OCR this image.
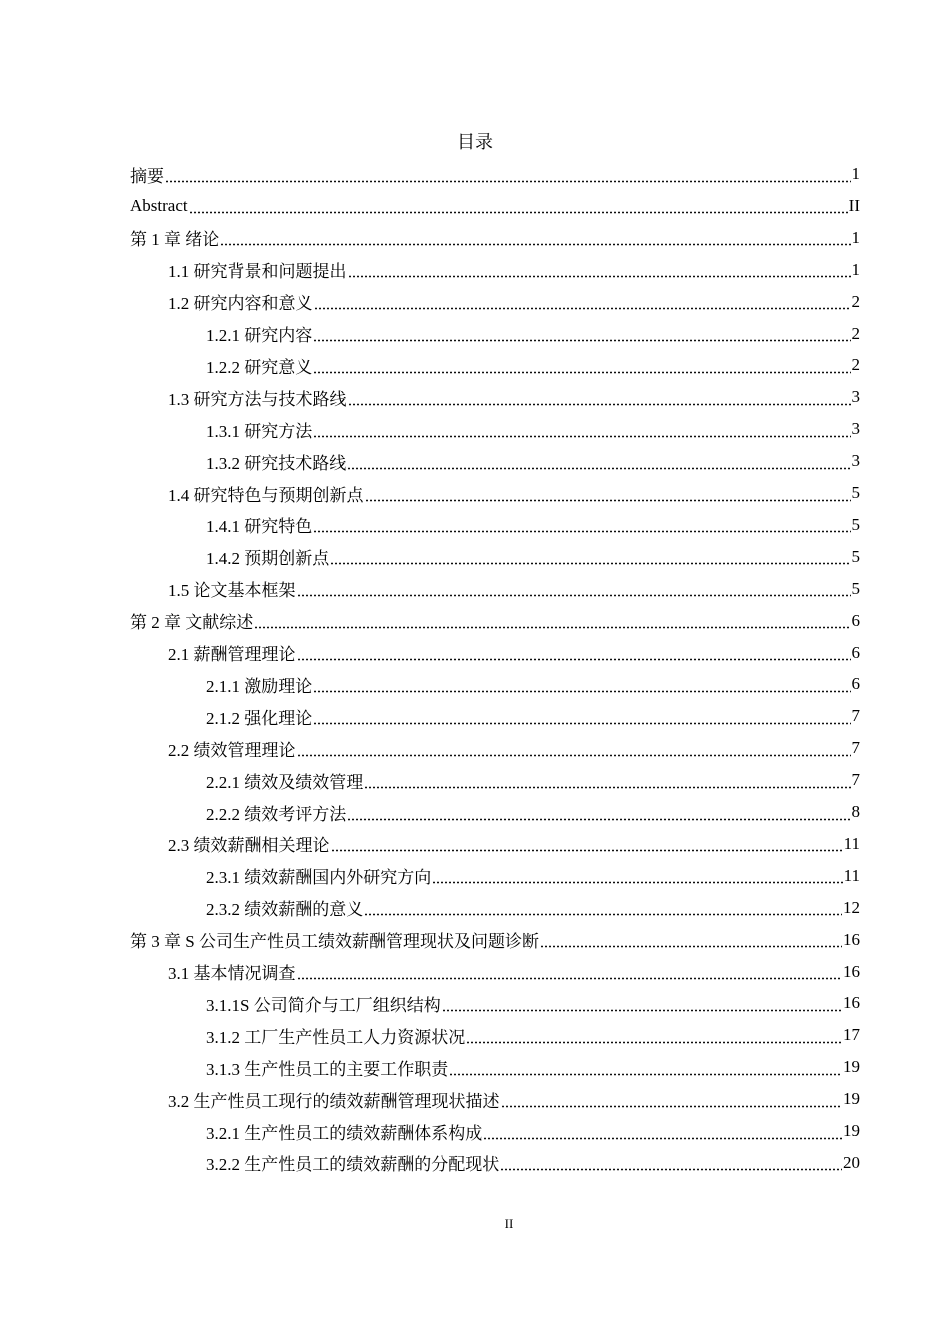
目录
摘要	1
Abstract	II
第 1 章 绪论	1
1.1 研究背景和问题提出	1
1.2 研究内容和意义	2
1.2.1 研究内容	2
1.2.2 研究意义	2
1.3 研究方法与技术路线	3
1.3.1 研究方法	3
1.3.2 研究技术路线	3
1.4 研究特色与预期创新点	5
1.4.1 研究特色	5
1.4.2 预期创新点	5
1.5 论文基本框架	5
第 2 章 文献综述	6
2.1 薪酬管理理论	6
2.1.1 激励理论	6
2.1.2 强化理论	7
2.2 绩效管理理论	7
2.2.1 绩效及绩效管理	7
2.2.2 绩效考评方法	8
2.3 绩效薪酬相关理论	11
2.3.1 绩效薪酬国内外研究方向	11
2.3.2 绩效薪酬的意义	12
第 3 章 S 公司生产性员工绩效薪酬管理现状及问题诊断	16
3.1 基本情况调查	16
3.1.1S 公司简介与工厂组织结构	16
3.1.2 工厂生产性员工人力资源状况	17
3.1.3 生产性员工的主要工作职责	19
3.2 生产性员工现行的绩效薪酬管理现状描述	19
3.2.1 生产性员工的绩效薪酬体系构成	19
3.2.2 生产性员工的绩效薪酬的分配现状	20
II
